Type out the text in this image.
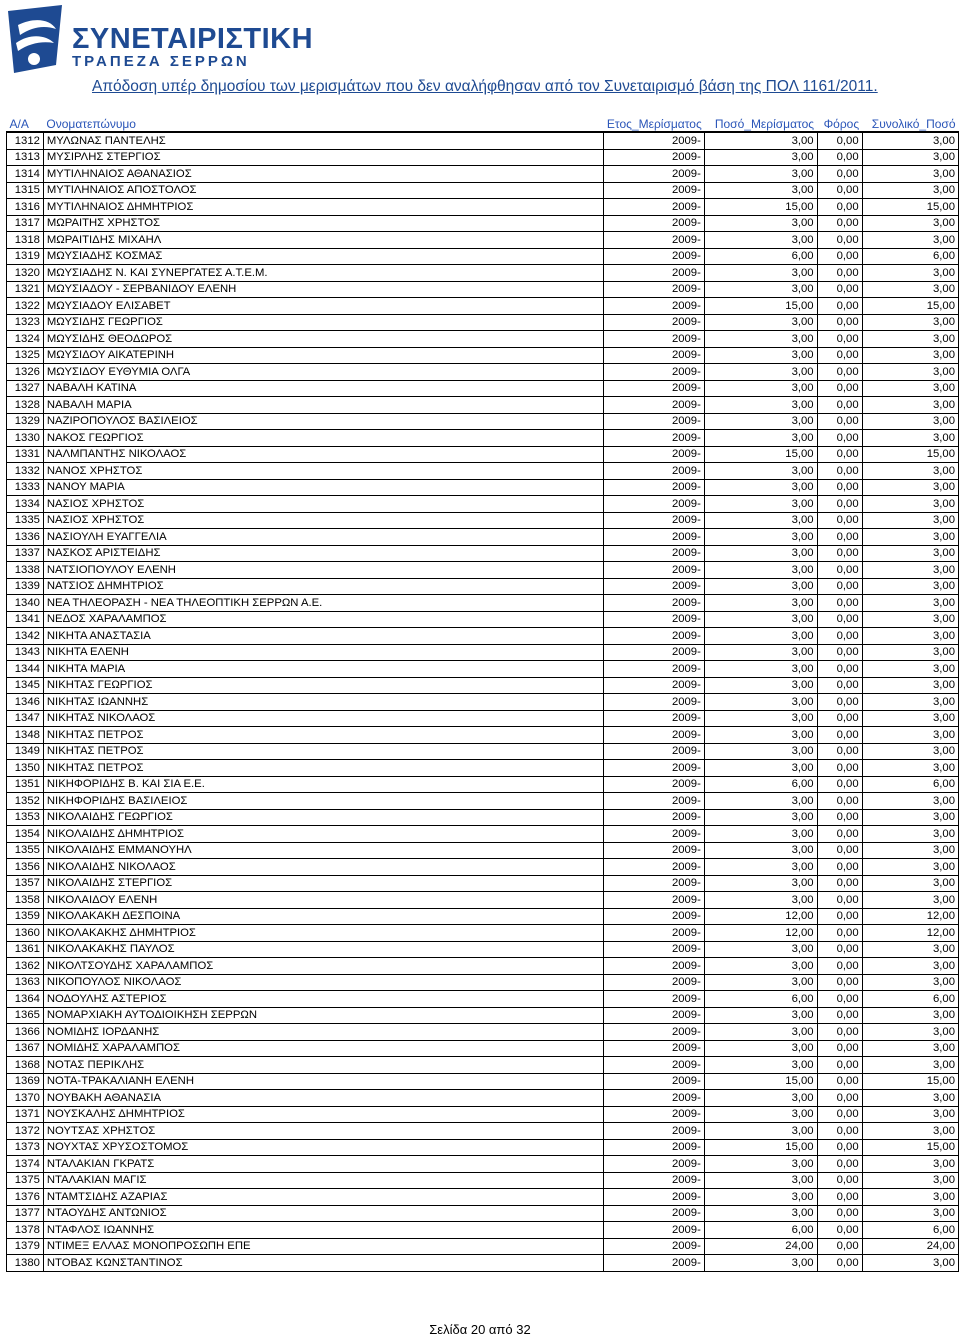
ΣΥΝΕΤΑΙΡΙΣΤΙΚΗ
ΤΡΑΠΕΖΑ ΣΕΡΡΩΝ
Απόδοση υπέρ δημοσίου των μερισμάτων που δεν αναλήφθησαν από τον Συνεταιρισμό βάση της ΠΟΛ 1161/2011.
Α/Α	Ονοματεπώνυμο	Ετος_Μερίσματος	Ποσό_Μερίσματος	Φόρος	Συνολικό_Ποσό
1312	ΜΥΛΩΝΑΣ ΠΑΝΤΕΛΗΣ	2009-	3,00	0,00	3,00
1313	ΜΥΣΙΡΛΗΣ ΣΤΕΡΓΙΟΣ	2009-	3,00	0,00	3,00
1314	ΜΥΤΙΛΗΝΑΙΟΣ ΑΘΑΝΑΣΙΟΣ	2009-	3,00	0,00	3,00
1315	ΜΥΤΙΛΗΝΑΙΟΣ ΑΠΟΣΤΟΛΟΣ	2009-	3,00	0,00	3,00
1316	ΜΥΤΙΛΗΝΑΙΟΣ ΔΗΜΗΤΡΙΟΣ	2009-	15,00	0,00	15,00
1317	ΜΩΡΑΙΤΗΣ ΧΡΗΣΤΟΣ	2009-	3,00	0,00	3,00
1318	ΜΩΡΑΙΤΙΔΗΣ ΜΙΧΑΗΛ	2009-	3,00	0,00	3,00
1319	ΜΩΥΣΙΑΔΗΣ ΚΟΣΜΑΣ	2009-	6,00	0,00	6,00
1320	ΜΩΥΣΙΑΔΗΣ Ν. ΚΑΙ ΣΥΝΕΡΓΑΤΕΣ Α.Τ.Ε.Μ.	2009-	3,00	0,00	3,00
1321	ΜΩΥΣΙΑΔΟΥ - ΣΕΡΒΑΝΙΔΟΥ ΕΛΕΝΗ	2009-	3,00	0,00	3,00
1322	ΜΩΥΣΙΑΔΟΥ ΕΛΙΣΑΒΕΤ	2009-	15,00	0,00	15,00
1323	ΜΩΥΣΙΔΗΣ ΓΕΩΡΓΙΟΣ	2009-	3,00	0,00	3,00
1324	ΜΩΥΣΙΔΗΣ ΘΕΟΔΩΡΟΣ	2009-	3,00	0,00	3,00
1325	ΜΩΥΣΙΔΟΥ ΑΙΚΑΤΕΡΙΝΗ	2009-	3,00	0,00	3,00
1326	ΜΩΥΣΙΔΟΥ ΕΥΘΥΜΙΑ ΟΛΓΑ	2009-	3,00	0,00	3,00
1327	ΝΑΒΑΛΗ ΚΑΤΙΝΑ	2009-	3,00	0,00	3,00
1328	ΝΑΒΑΛΗ ΜΑΡΙΑ	2009-	3,00	0,00	3,00
1329	ΝΑΖΙΡΟΠΟΥΛΟΣ ΒΑΣΙΛΕΙΟΣ	2009-	3,00	0,00	3,00
1330	ΝΑΚΟΣ ΓΕΩΡΓΙΟΣ	2009-	3,00	0,00	3,00
1331	ΝΑΛΜΠΑΝΤΗΣ ΝΙΚΟΛΑΟΣ	2009-	15,00	0,00	15,00
1332	ΝΑΝΟΣ ΧΡΗΣΤΟΣ	2009-	3,00	0,00	3,00
1333	ΝΑΝΟΥ ΜΑΡΙΑ	2009-	3,00	0,00	3,00
1334	ΝΑΣΙΟΣ ΧΡΗΣΤΟΣ	2009-	3,00	0,00	3,00
1335	ΝΑΣΙΟΣ ΧΡΗΣΤΟΣ	2009-	3,00	0,00	3,00
1336	ΝΑΣΙΟΥΛΗ ΕΥΑΓΓΕΛΙΑ	2009-	3,00	0,00	3,00
1337	ΝΑΣΚΟΣ ΑΡΙΣΤΕΙΔΗΣ	2009-	3,00	0,00	3,00
1338	ΝΑΤΣΙΟΠΟΥΛΟΥ ΕΛΕΝΗ	2009-	3,00	0,00	3,00
1339	ΝΑΤΣΙΟΣ ΔΗΜΗΤΡΙΟΣ	2009-	3,00	0,00	3,00
1340	ΝΕΑ ΤΗΛΕΟΡΑΣΗ - ΝΕΑ ΤΗΛΕΟΠΤΙΚΗ ΣΕΡΡΩΝ Α.Ε.	2009-	3,00	0,00	3,00
1341	ΝΕΔΟΣ ΧΑΡΑΛΑΜΠΟΣ	2009-	3,00	0,00	3,00
1342	ΝΙΚΗΤΑ ΑΝΑΣΤΑΣΙΑ	2009-	3,00	0,00	3,00
1343	ΝΙΚΗΤΑ ΕΛΕΝΗ	2009-	3,00	0,00	3,00
1344	ΝΙΚΗΤΑ ΜΑΡΙΑ	2009-	3,00	0,00	3,00
1345	ΝΙΚΗΤΑΣ ΓΕΩΡΓΙΟΣ	2009-	3,00	0,00	3,00
1346	ΝΙΚΗΤΑΣ ΙΩΑΝΝΗΣ	2009-	3,00	0,00	3,00
1347	ΝΙΚΗΤΑΣ ΝΙΚΟΛΑΟΣ	2009-	3,00	0,00	3,00
1348	ΝΙΚΗΤΑΣ ΠΕΤΡΟΣ	2009-	3,00	0,00	3,00
1349	ΝΙΚΗΤΑΣ ΠΕΤΡΟΣ	2009-	3,00	0,00	3,00
1350	ΝΙΚΗΤΑΣ ΠΕΤΡΟΣ	2009-	3,00	0,00	3,00
1351	ΝΙΚΗΦΟΡΙΔΗΣ Β. ΚΑΙ ΣΙΑ Ε.Ε.	2009-	6,00	0,00	6,00
1352	ΝΙΚΗΦΟΡΙΔΗΣ ΒΑΣΙΛΕΙΟΣ	2009-	3,00	0,00	3,00
1353	ΝΙΚΟΛΑΙΔΗΣ ΓΕΩΡΓΙΟΣ	2009-	3,00	0,00	3,00
1354	ΝΙΚΟΛΑΙΔΗΣ ΔΗΜΗΤΡΙΟΣ	2009-	3,00	0,00	3,00
1355	ΝΙΚΟΛΑΙΔΗΣ ΕΜΜΑΝΟΥΗΛ	2009-	3,00	0,00	3,00
1356	ΝΙΚΟΛΑΙΔΗΣ ΝΙΚΟΛΑΟΣ	2009-	3,00	0,00	3,00
1357	ΝΙΚΟΛΑΙΔΗΣ ΣΤΕΡΓΙΟΣ	2009-	3,00	0,00	3,00
1358	ΝΙΚΟΛΑΙΔΟΥ ΕΛΕΝΗ	2009-	3,00	0,00	3,00
1359	ΝΙΚΟΛΑΚΑΚΗ ΔΕΣΠΟΙΝΑ	2009-	12,00	0,00	12,00
1360	ΝΙΚΟΛΑΚΑΚΗΣ ΔΗΜΗΤΡΙΟΣ	2009-	12,00	0,00	12,00
1361	ΝΙΚΟΛΑΚΑΚΗΣ ΠΑΥΛΟΣ	2009-	3,00	0,00	3,00
1362	ΝΙΚΟΛΤΣΟΥΔΗΣ ΧΑΡΑΛΑΜΠΟΣ	2009-	3,00	0,00	3,00
1363	ΝΙΚΟΠΟΥΛΟΣ ΝΙΚΟΛΑΟΣ	2009-	3,00	0,00	3,00
1364	ΝΟΔΟΥΛΗΣ ΑΣΤΕΡΙΟΣ	2009-	6,00	0,00	6,00
1365	ΝΟΜΑΡΧΙΑΚΗ ΑΥΤΟΔΙΟΙΚΗΣΗ ΣΕΡΡΩΝ	2009-	3,00	0,00	3,00
1366	ΝΟΜΙΔΗΣ ΙΟΡΔΑΝΗΣ	2009-	3,00	0,00	3,00
1367	ΝΟΜΙΔΗΣ ΧΑΡΑΛΑΜΠΟΣ	2009-	3,00	0,00	3,00
1368	ΝΟΤΑΣ ΠΕΡΙΚΛΗΣ	2009-	3,00	0,00	3,00
1369	ΝΟΤΑ-ΤΡΑΚΑΛΙΑΝΗ ΕΛΕΝΗ	2009-	15,00	0,00	15,00
1370	ΝΟΥΒΑΚΗ ΑΘΑΝΑΣΙΑ	2009-	3,00	0,00	3,00
1371	ΝΟΥΣΚΑΛΗΣ ΔΗΜΗΤΡΙΟΣ	2009-	3,00	0,00	3,00
1372	ΝΟΥΤΣΑΣ ΧΡΗΣΤΟΣ	2009-	3,00	0,00	3,00
1373	ΝΟΥΧΤΑΣ ΧΡΥΣΟΣΤΟΜΟΣ	2009-	15,00	0,00	15,00
1374	ΝΤΑΛΑΚΙΑΝ ΓΚΡΑΤΣ	2009-	3,00	0,00	3,00
1375	ΝΤΑΛΑΚΙΑΝ ΜΑΓΙΣ	2009-	3,00	0,00	3,00
1376	ΝΤΑΜΤΣΙΔΗΣ ΑΖΑΡΙΑΣ	2009-	3,00	0,00	3,00
1377	ΝΤΑΟΥΔΗΣ ΑΝΤΩΝΙΟΣ	2009-	3,00	0,00	3,00
1378	ΝΤΑΦΛΟΣ ΙΩΑΝΝΗΣ	2009-	6,00	0,00	6,00
1379	ΝΤΙΜΕΞ ΕΛΛΑΣ ΜΟΝΟΠΡΟΣΩΠΗ ΕΠΕ	2009-	24,00	0,00	24,00
1380	ΝΤΟΒΑΣ ΚΩΝΣΤΑΝΤΙΝΟΣ	2009-	3,00	0,00	3,00
Σελίδα 20 από 32
